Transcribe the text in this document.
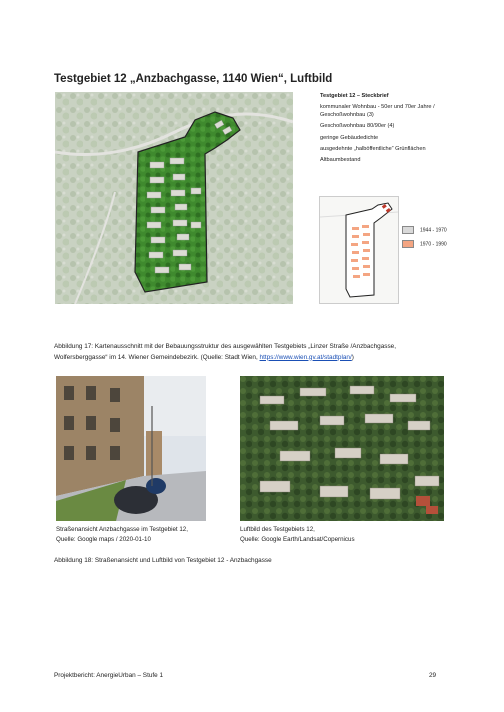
Testgebiet 12 „Anzbachgasse, 1140 Wien“, Luftbild
Testgebiet 12 – Steckbrief
kommunaler Wohnbau - 50er und 70er Jahre / Geschoßwohnbau (3)
Geschoßwohnbau 80/90er (4)
geringe Gebäudedichte
ausgedehnte „halböffentliche“ Grünflächen
Altbaumbestand
1944 - 1970
1970 - 1990
Abbildung 17: Kartenausschnitt mit der Bebauungsstruktur des ausgewählten Testgebiets „Linzer Straße /Anzbachgasse, Wolfersberggasse“ im 14. Wiener Gemeindebezirk. (Quelle: Stadt Wien, https://www.wien.gv.at/stadtplan/)
Straßenansicht Anzbachgasse im Testgebiet 12,
Quelle: Google maps / 2020-01-10
Luftbild des Testgebiets 12,
Quelle: Google Earth/Landsat/Copernicus
Abbildung 18: Straßenansicht und Luftbild von Testgebiet 12 - Anzbachgasse
Projektbericht: AnergieUrban – Stufe 1	29
